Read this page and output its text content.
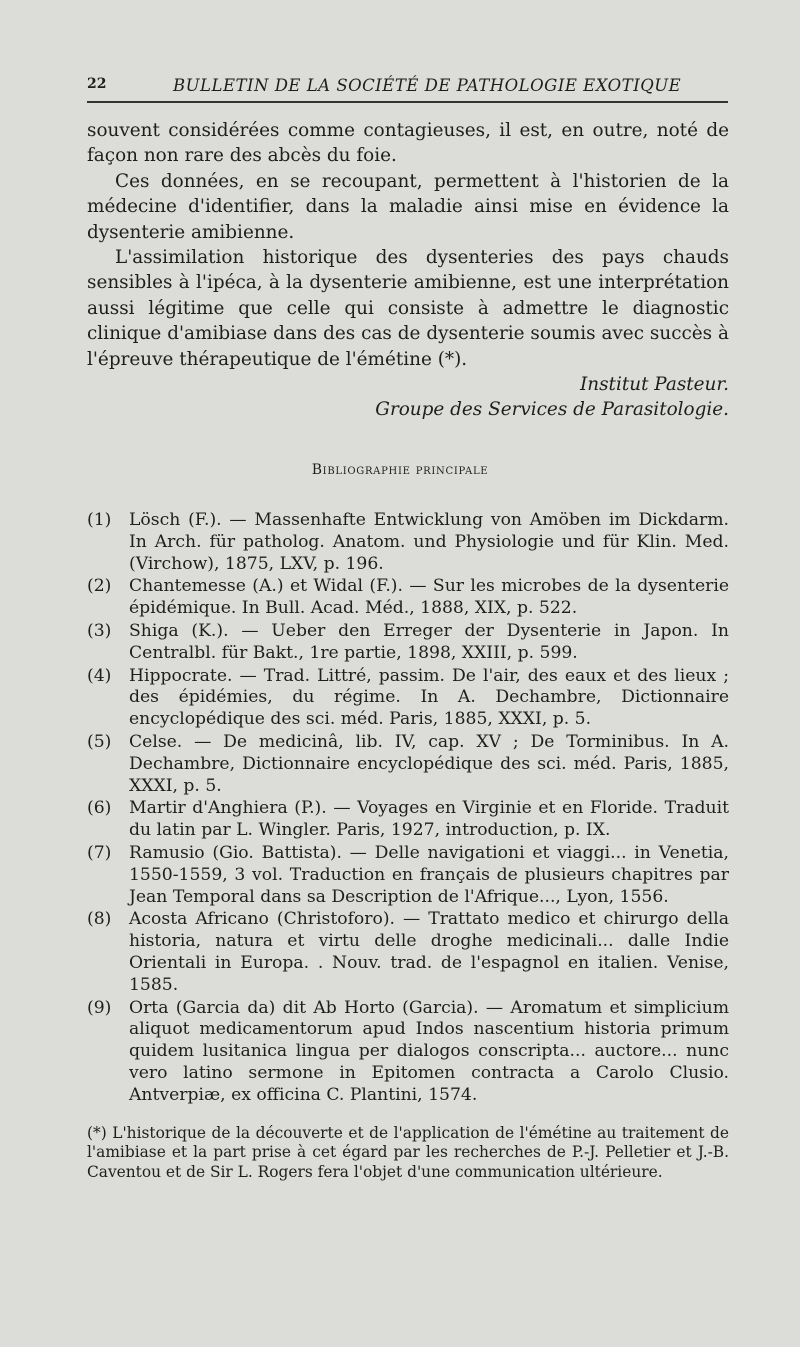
22	BULLETIN DE LA SOCIÉTÉ DE PATHOLOGIE EXOTIQUE

souvent considérées comme contagieuses, il est, en outre, noté de façon non rare des abcès du foie.

Ces données, en se recoupant, permettent à l'historien de la médecine d'identifier, dans la maladie ainsi mise en évidence la dysenterie amibienne.

L'assimilation historique des dysenteries des pays chauds sensibles à l'ipéca, à la dysenterie amibienne, est une interprétation aussi légitime que celle qui consiste à admettre le diagnostic clinique d'amibiase dans des cas de dysenterie soumis avec succès à l'épreuve thérapeutique de l'émétine (*).

Institut Pasteur.

Groupe des Services de Parasitologie.

Bibliographie principale
(1)	Lösch (F.). — Massenhafte Entwicklung von Amöben im Dickdarm. In Arch. für patholog. Anatom. und Physiologie und für Klin. Med. (Virchow), 1875, LXV, p. 196.
(2)	Chantemesse (A.) et Widal (F.). — Sur les microbes de la dysenterie épidémique. In Bull. Acad. Méd., 1888, XIX, p. 522.
(3)	Shiga (K.). — Ueber den Erreger der Dysenterie in Japon. In Centralbl. für Bakt., 1re partie, 1898, XXIII, p. 599.
(4)	Hippocrate. — Trad. Littré, passim. De l'air, des eaux et des lieux ; des épidémies, du régime. In A. Dechambre, Dictionnaire encyclopédique des sci. méd. Paris, 1885, XXXI, p. 5.
(5)	Celse. — De medicinâ, lib. IV, cap. XV ; De Torminibus. In A. Dechambre, Dictionnaire encyclopédique des sci. méd. Paris, 1885, XXXI, p. 5.
(6)	Martir d'Anghiera (P.). — Voyages en Virginie et en Floride. Traduit du latin par L. Wingler. Paris, 1927, introduction, p. IX.
(7)	Ramusio (Gio. Battista). — Delle navigationi et viaggi... in Venetia, 1550-1559, 3 vol. Traduction en français de plusieurs chapitres par Jean Temporal dans sa Description de l'Afrique..., Lyon, 1556.
(8)	Acosta Africano (Christoforo). — Trattato medico et chirurgo della historia, natura et virtu delle droghe medicinali... dalle Indie Orientali in Europa. . Nouv. trad. de l'espagnol en italien. Venise, 1585.
(9)	Orta (Garcia da) dit Ab Horto (Garcia). — Aromatum et simplicium aliquot medicamentorum apud Indos nascentium historia primum quidem lusitanica lingua per dialogos conscripta... auctore... nunc vero latino sermone in Epitomen contracta a Carolo Clusio. Antverpiæ, ex officina C. Plantini, 1574.

(*) L'historique de la découverte et de l'application de l'émétine au traitement de l'amibiase et la part prise à cet égard par les recherches de P.-J. Pelletier et J.-B. Caventou et de Sir L. Rogers fera l'objet d'une communication ultérieure.
